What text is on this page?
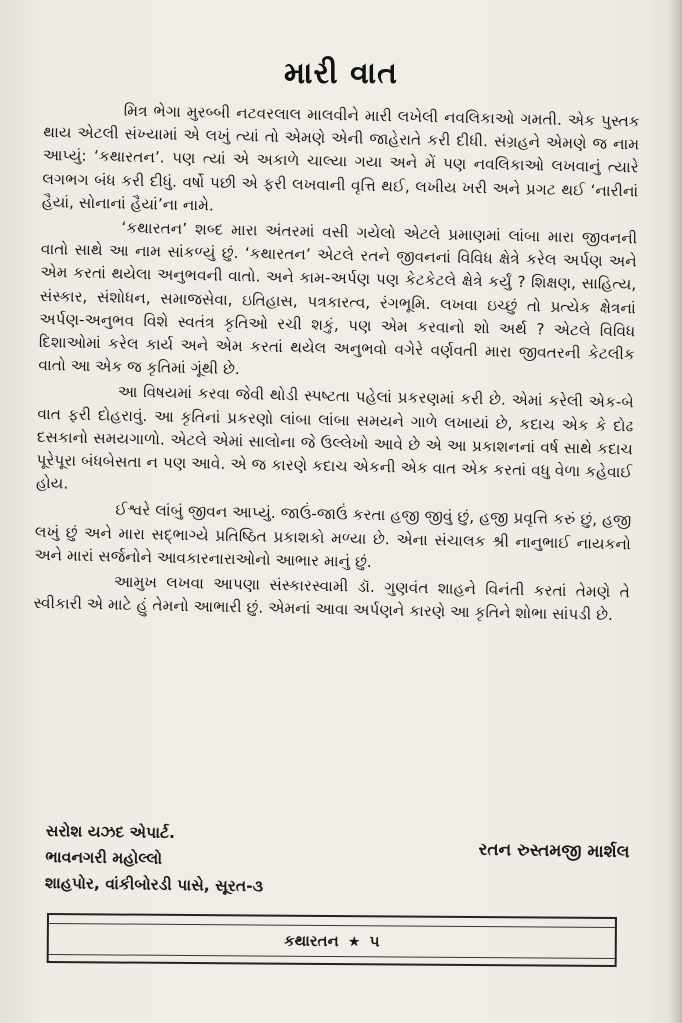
મારી વાત

મિત્ર ભેગા મુરબ્બી નટવરલાલ માલવીને મારી લખેલી નવલિકાઓ ગમતી. એક પુસ્તક થાય એટલી સંખ્યામાં એ લખું ત્યાં તો એમણે એની જાહેરાતે કરી દીધી. સંગ્રહને એમણે જ નામ આપ્યું: ‘કથારતન’. પણ ત્યાં એ અકાળે ચાલ્યા ગયા અને મેં પણ નવલિકાઓ લખવાનું ત્યારે લગભગ બંધ કરી દીધું. વર્ષો પછી એ ફરી લખવાની વૃત્તિ થઈ, લખીય ખરી અને પ્રગટ થઈ ‘નારીનાં હૈયાં, સોનાનાં હૈયાં’ના નામે.

‘કથારતન’ શબ્દ મારા અંતરમાં વસી ગયેલો એટલે પ્રમાણમાં લાંબા મારા જીવનની વાતો સાથે આ નામ સાંકળ્યું છું. ‘કથારતન’ એટલે રતને જીવનનાં વિવિધ ક્ષેત્રે કરેલ અર્પણ અને એમ કરતાં થયેલા અનુભવની વાતો. અને કામ-અર્પણ પણ કેટકેટલે ક્ષેત્રે કર્યું ? શિક્ષણ, સાહિત્ય, સંસ્કાર, સંશોધન, સમાજસેવા, ઇતિહાસ, પત્રકારત્વ, રંગભૂમિ. લખવા ઇચ્છું તો પ્રત્યેક ક્ષેત્રનાં અર્પણ-અનુભવ વિશે સ્વતંત્ર કૃતિઓ રચી શકું, પણ એમ કરવાનો શો અર્થ ? એટલે વિવિધ દિશાઓમાં કરેલ કાર્ય અને એમ કરતાં થયેલ અનુભવો વગેરે વર્ણવતી મારા જીવતરની કેટલીક વાતો આ એક જ કૃતિમાં ગૂંથી છે.

આ વિષયમાં કરવા જેવી થોડી સ્પષ્ટતા પહેલાં પ્રકરણમાં કરી છે. એમાં કરેલી એક-બે વાત ફરી દોહરાવું. આ કૃતિનાં પ્રકરણો લાંબા લાંબા સમયને ગાળે લખાયાં છે, કદાચ એક કે દોઢ દસકાનો સમયગાળો. એટલે એમાં સાલોના જે ઉલ્લેખો આવે છે એ આ પ્રકાશનનાં વર્ષ સાથે કદાચ પૂરેપૂરા બંધબેસતા ન પણ આવે. એ જ કારણે કદાચ એકની એક વાત એક કરતાં વધુ વેળા કહેવાઈ હોય.

ઈશ્વરે લાંબું જીવન આપ્યું. જાઉં-જાઉં કરતા હજી જીવું છું, હજી પ્રવૃત્તિ કરું છું, હજી લખું છું અને મારા સદ્ભાગ્યે પ્રતિષ્ઠિત પ્રકાશકો મળ્યા છે. એના સંચાલક શ્રી નાનુભાઈ નાયકનો અને મારાં સર્જનોને આવકારનારાઓનો આભાર માનું છું.

આમુખ લખવા આપણા સંસ્કારસ્વામી ડૉ. ગુણવંત શાહને વિનંતી કરતાં તેમણે તે સ્વીકારી એ માટે હું તેમનો આભારી છું. એમનાં આવા અર્પણને કારણે આ કૃતિને શોભા સાંપડી છે.

સરોશ યઝદ એપાર્ટ.
ભાવનગરી મહોલ્લો
શાહપોર, વાંકીબોરડી પાસે, સૂરત-૩
રતન રુસ્તમજી માર્શલ
કથારતન ★ ૫
